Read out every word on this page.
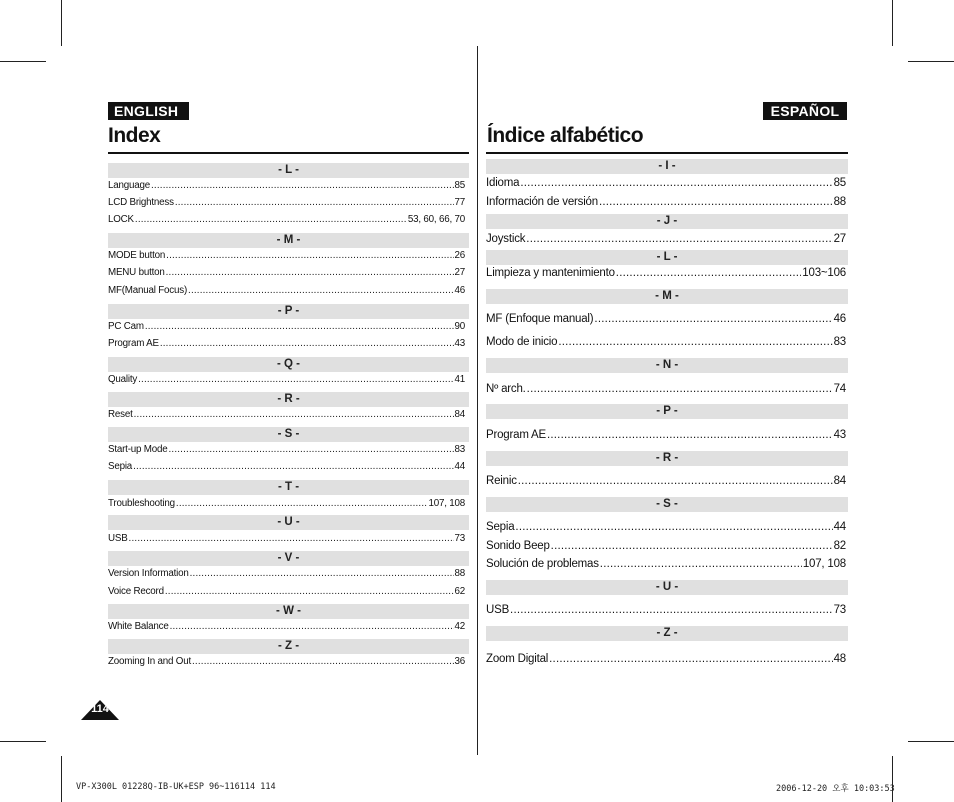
ENGLISH	ESPAÑOL
Index	Índice alfabético
- L -
Language .....	85
LCD Brightness .....	77
LOCK .....	53, 60, 66, 70
- M -
MODE button .....	26
MENU button .....	27
MF(Manual Focus) .....	46
- P -
PC Cam .....	90
Program AE .....	43
- Q -
Quality .....	41
- R -
Reset .....	84
- S -
Start-up Mode .....	83
Sepia .....	44
- T -
Troubleshooting .....	107, 108
- U -
USB .....	73
- V -
Version Information .....	88
Voice Record .....	62
- W -
White Balance .....	42
- Z -
Zooming In and Out .....	36
- I -
Idioma .....	85
Información de versión .....	88
- J -
Joystick .....	27
- L -
Limpieza y mantenimiento .....	103~106
- M -
MF (Enfoque manual) .....	46
Modo de inicio .....	83
- N -
Nº arch. .....	74
- P -
Program AE .....	43
- R -
Reinic .....	84
- S -
Sepia .....	44
Sonido Beep .....	82
Solución de problemas .....	107, 108
- U -
USB .....	73
- Z -
Zoom Digital .....	48
114
VP-X300L 01228Q-IB-UK+ESP 96~116114 114	2006-12-20 오후 10:03:53
